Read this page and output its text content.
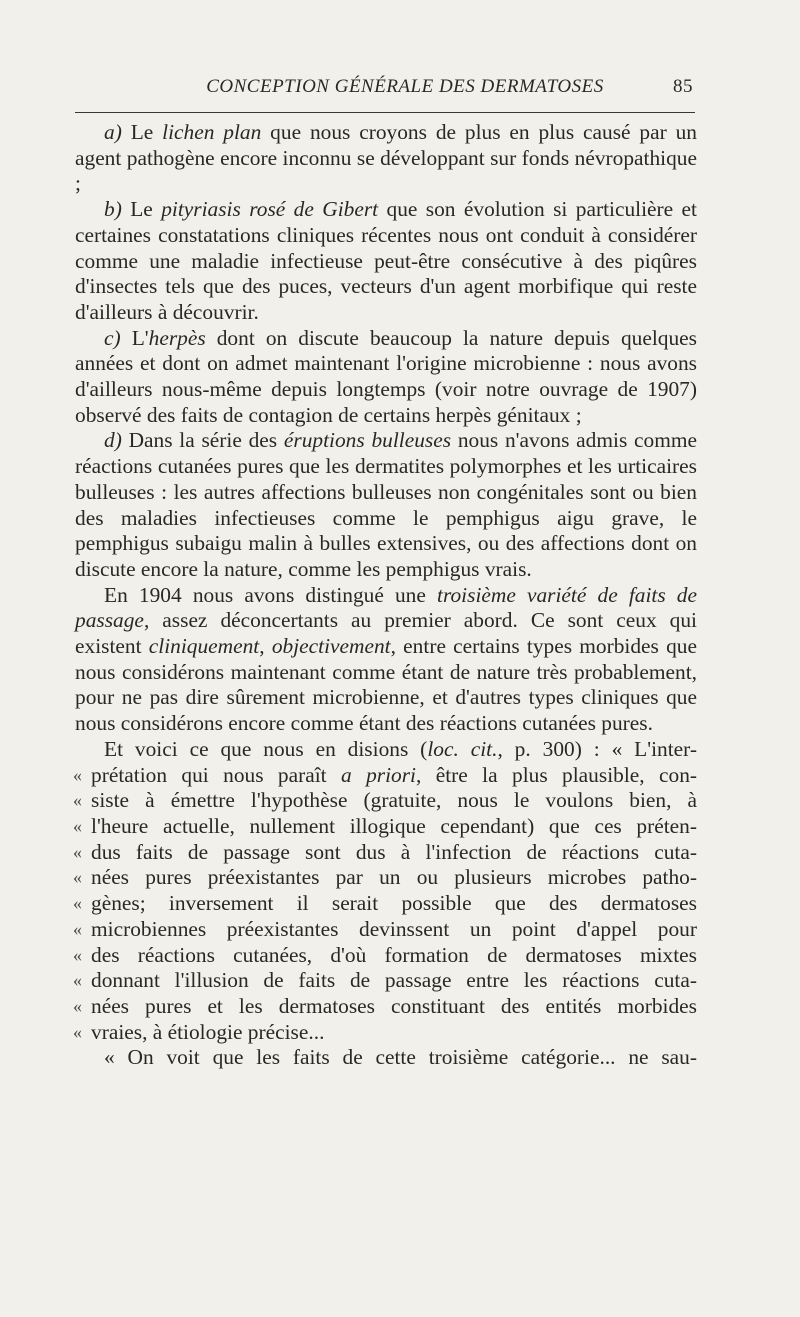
CONCEPTION GÉNÉRALE DES DERMATOSES	85

a) Le lichen plan que nous croyons de plus en plus causé par un agent pathogène encore inconnu se développant sur fonds névropathique ;

b) Le pityriasis rosé de Gibert que son évolution si particulière et certaines constatations cliniques récentes nous ont conduit à considérer comme une maladie infectieuse peut-être consécutive à des piqûres d'insectes tels que des puces, vecteurs d'un agent morbifique qui reste d'ailleurs à découvrir.

c) L'herpès dont on discute beaucoup la nature depuis quelques années et dont on admet maintenant l'origine microbienne : nous avons d'ailleurs nous-même depuis longtemps (voir notre ouvrage de 1907) observé des faits de contagion de certains herpès génitaux ;

d) Dans la série des éruptions bulleuses nous n'avons admis comme réactions cutanées pures que les dermatites polymorphes et les urticaires bulleuses : les autres affections bulleuses non congénitales sont ou bien des maladies infectieuses comme le pemphigus aigu grave, le pemphigus subaigu malin à bulles extensives, ou des affections dont on discute encore la nature, comme les pemphigus vrais.

En 1904 nous avons distingué une troisième variété de faits de passage, assez déconcertants au premier abord. Ce sont ceux qui existent cliniquement, objectivement, entre certains types morbides que nous considérons maintenant comme étant de nature très probablement, pour ne pas dire sûrement microbienne, et d'autres types cliniques que nous considérons encore comme étant des réactions cutanées pures.

Et voici ce que nous en disions (loc. cit., p. 300) : « L'inter-

« prétation qui nous paraît a priori, être la plus plausible, con-
« siste à émettre l'hypothèse (gratuite, nous le voulons bien, à
« l'heure actuelle, nullement illogique cependant) que ces préten-
« dus faits de passage sont dus à l'infection de réactions cuta-
« nées pures préexistantes par un ou plusieurs microbes patho-
« gènes; inversement il serait possible que des dermatoses
« microbiennes préexistantes devinssent un point d'appel pour
« des réactions cutanées, d'où formation de dermatoses mixtes
« donnant l'illusion de faits de passage entre les réactions cuta-
« nées pures et les dermatoses constituant des entités morbides
« vraies, à étiologie précise...

« On voit que les faits de cette troisième catégorie... ne sau-
